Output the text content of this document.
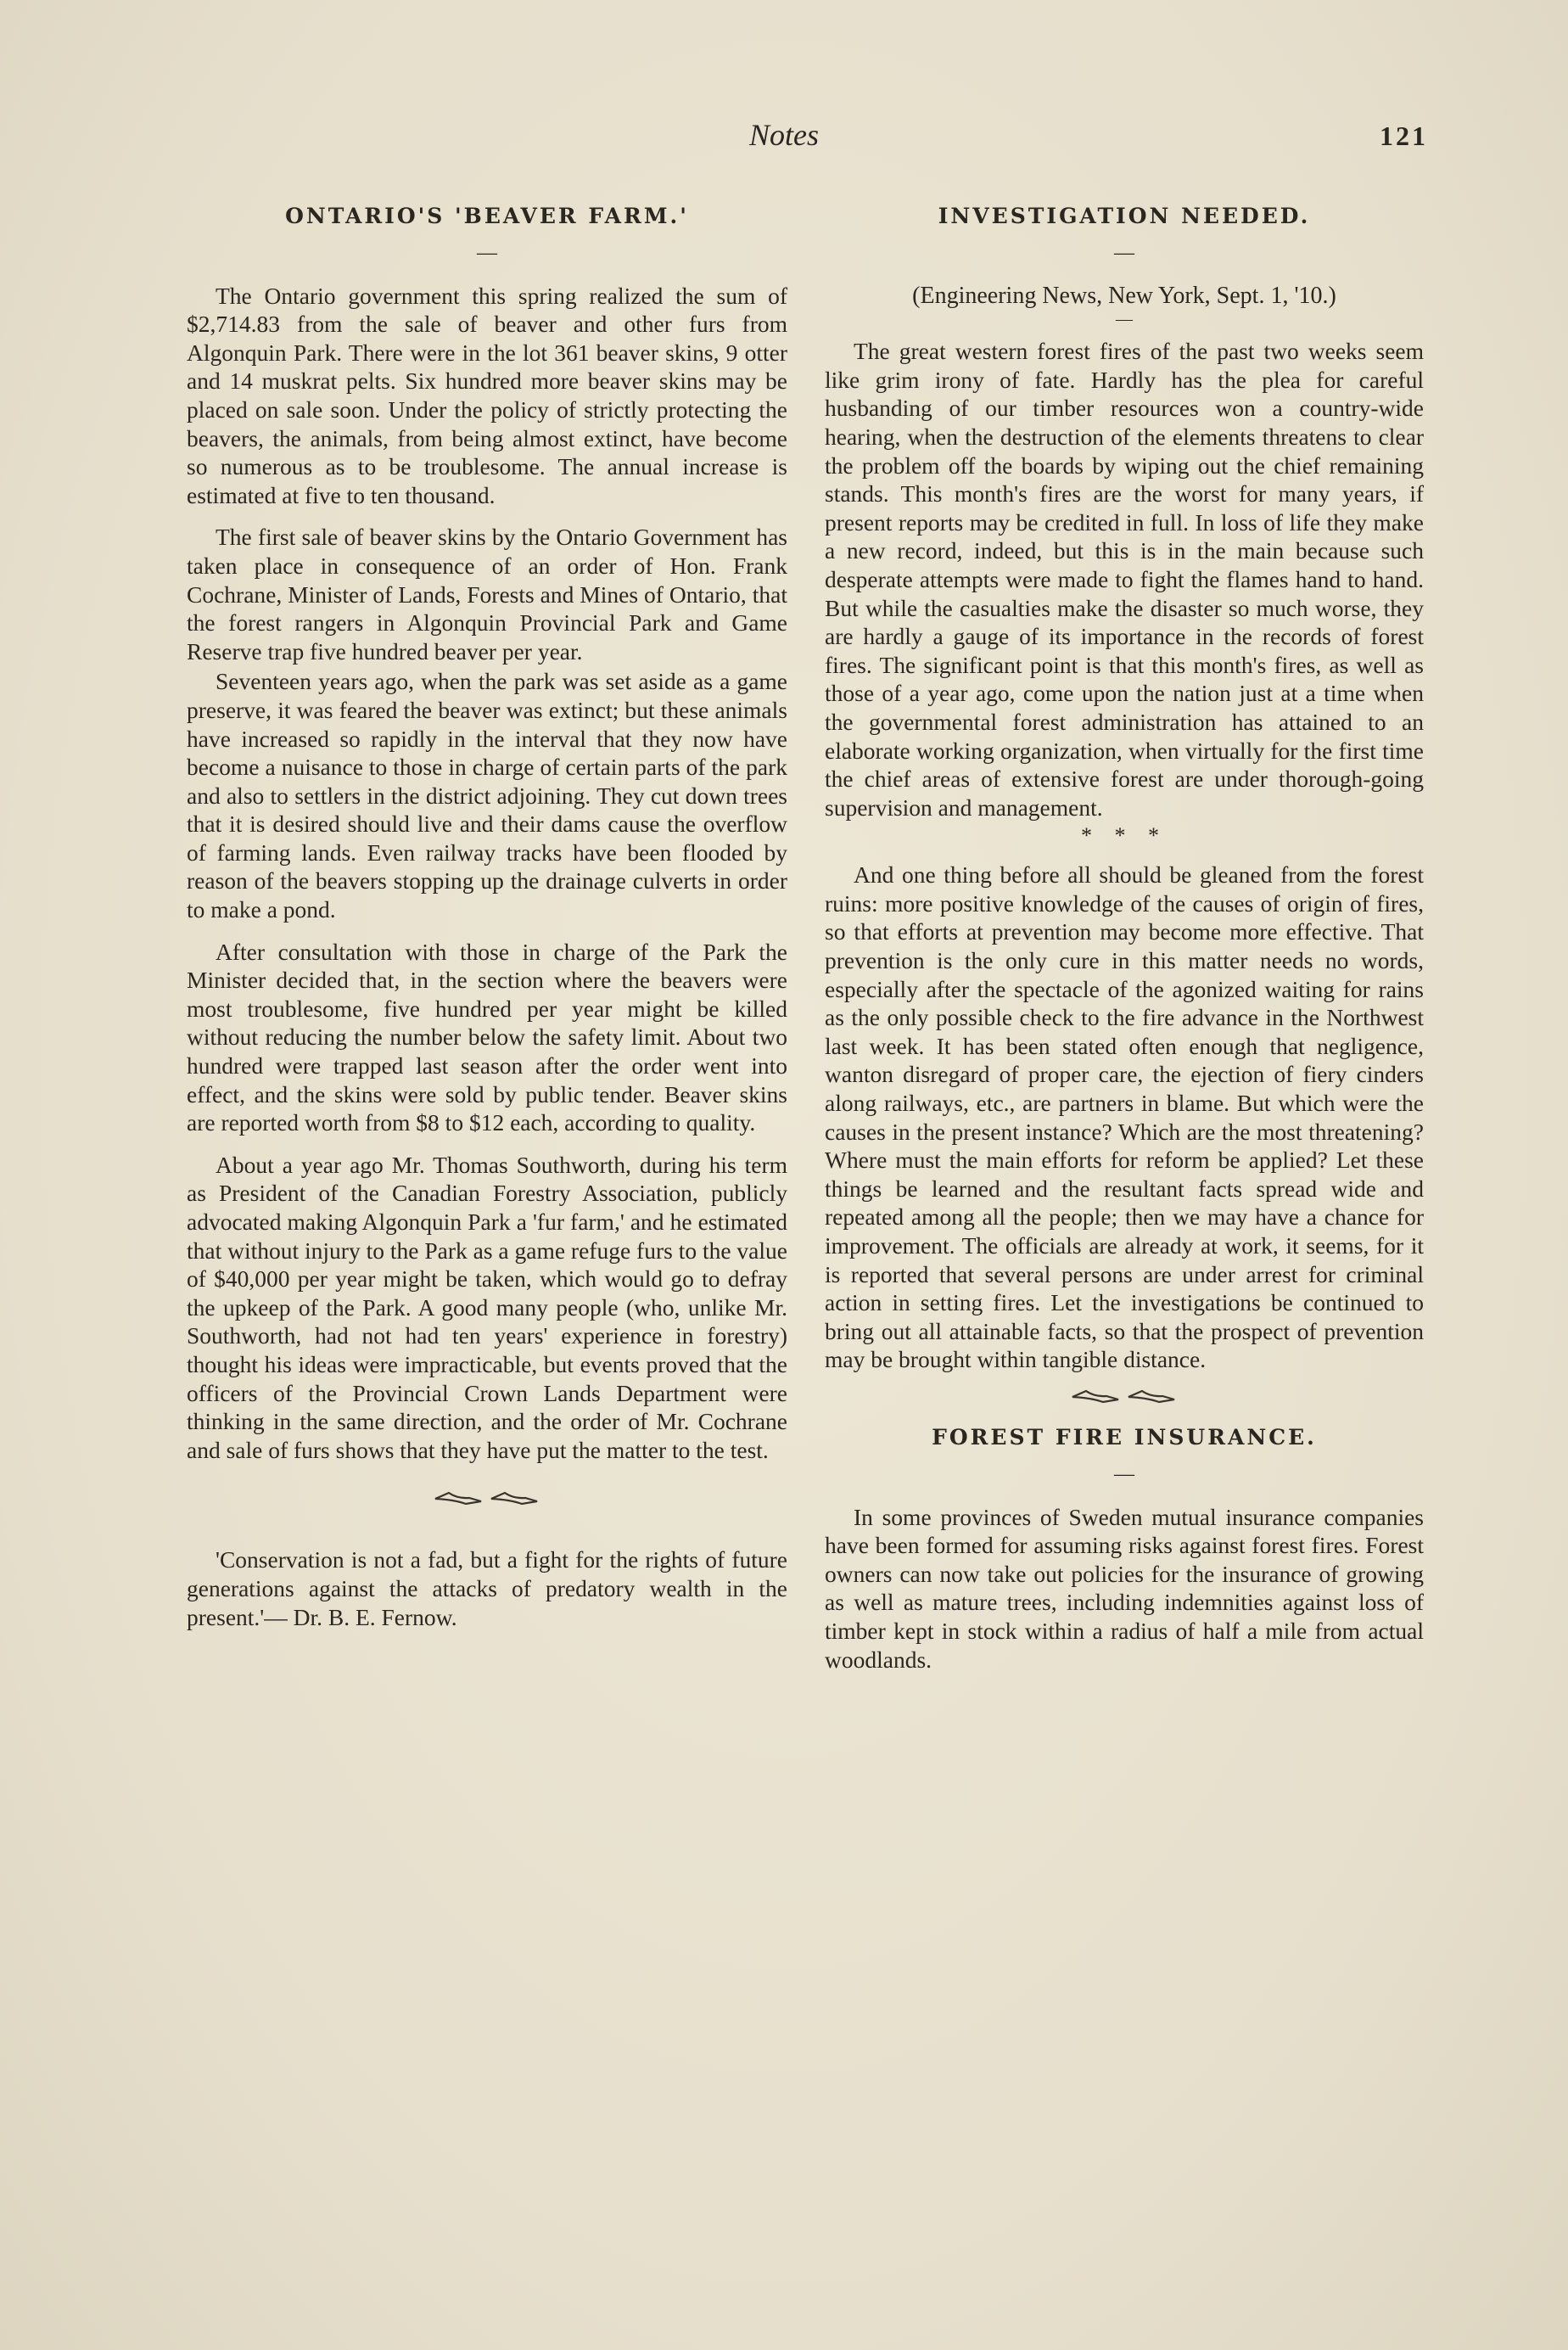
Notes	121
ONTARIO'S 'BEAVER FARM.'
—

The Ontario government this spring realized the sum of $2,714.83 from the sale of beaver and other furs from Algonquin Park. There were in the lot 361 beaver skins, 9 otter and 14 muskrat pelts. Six hundred more beaver skins may be placed on sale soon. Under the policy of strictly protecting the beavers, the animals, from being almost extinct, have become so numerous as to be troublesome. The annual increase is estimated at five to ten thousand.

The first sale of beaver skins by the Ontario Government has taken place in consequence of an order of Hon. Frank Cochrane, Minister of Lands, Forests and Mines of Ontario, that the forest rangers in Algonquin Provincial Park and Game Reserve trap five hundred beaver per year.

Seventeen years ago, when the park was set aside as a game preserve, it was feared the beaver was extinct; but these animals have increased so rapidly in the interval that they now have become a nuisance to those in charge of certain parts of the park and also to settlers in the district adjoining. They cut down trees that it is desired should live and their dams cause the overflow of farming lands. Even railway tracks have been flooded by reason of the beavers stopping up the drainage culverts in order to make a pond.

After consultation with those in charge of the Park the Minister decided that, in the section where the beavers were most troublesome, five hundred per year might be killed without reducing the number below the safety limit. About two hundred were trapped last season after the order went into effect, and the skins were sold by public tender. Beaver skins are reported worth from $8 to $12 each, according to quality.

About a year ago Mr. Thomas Southworth, during his term as President of the Canadian Forestry Association, publicly advocated making Algonquin Park a 'fur farm,' and he estimated that without injury to the Park as a game refuge furs to the value of $40,000 per year might be taken, which would go to defray the upkeep of the Park. A good many people (who, unlike Mr. Southworth, had not had ten years' experience in forestry) thought his ideas were impracticable, but events proved that the officers of the Provincial Crown Lands Department were thinking in the same direction, and the order of Mr. Cochrane and sale of furs shows that they have put the matter to the test.

'Conservation is not a fad, but a fight for the rights of future generations against the attacks of predatory wealth in the present.'— Dr. B. E. Fernow.

INVESTIGATION NEEDED.
—

(Engineering News, New York, Sept. 1, '10.)

—

The great western forest fires of the past two weeks seem like grim irony of fate. Hardly has the plea for careful husbanding of our timber resources won a country-wide hearing, when the destruction of the elements threatens to clear the problem off the boards by wiping out the chief remaining stands. This month's fires are the worst for many years, if present reports may be credited in full. In loss of life they make a new record, indeed, but this is in the main because such desperate attempts were made to fight the flames hand to hand. But while the casualties make the disaster so much worse, they are hardly a gauge of its importance in the records of forest fires. The significant point is that this month's fires, as well as those of a year ago, come upon the nation just at a time when the governmental forest administration has attained to an elaborate working organization, when virtually for the first time the chief areas of extensive forest are under thorough-going supervision and management.

* * *

And one thing before all should be gleaned from the forest ruins: more positive knowledge of the causes of origin of fires, so that efforts at prevention may become more effective. That prevention is the only cure in this matter needs no words, especially after the spectacle of the agonized waiting for rains as the only possible check to the fire advance in the Northwest last week. It has been stated often enough that negligence, wanton disregard of proper care, the ejection of fiery cinders along railways, etc., are partners in blame. But which were the causes in the present instance? Which are the most threatening? Where must the main efforts for reform be applied? Let these things be learned and the resultant facts spread wide and repeated among all the people; then we may have a chance for improvement. The officials are already at work, it seems, for it is reported that several persons are under arrest for criminal action in setting fires. Let the investigations be continued to bring out all attainable facts, so that the prospect of prevention may be brought within tangible distance.

FOREST FIRE INSURANCE.
—

In some provinces of Sweden mutual insurance companies have been formed for assuming risks against forest fires. Forest owners can now take out policies for the insurance of growing as well as mature trees, including indemnities against loss of timber kept in stock within a radius of half a mile from actual woodlands.
